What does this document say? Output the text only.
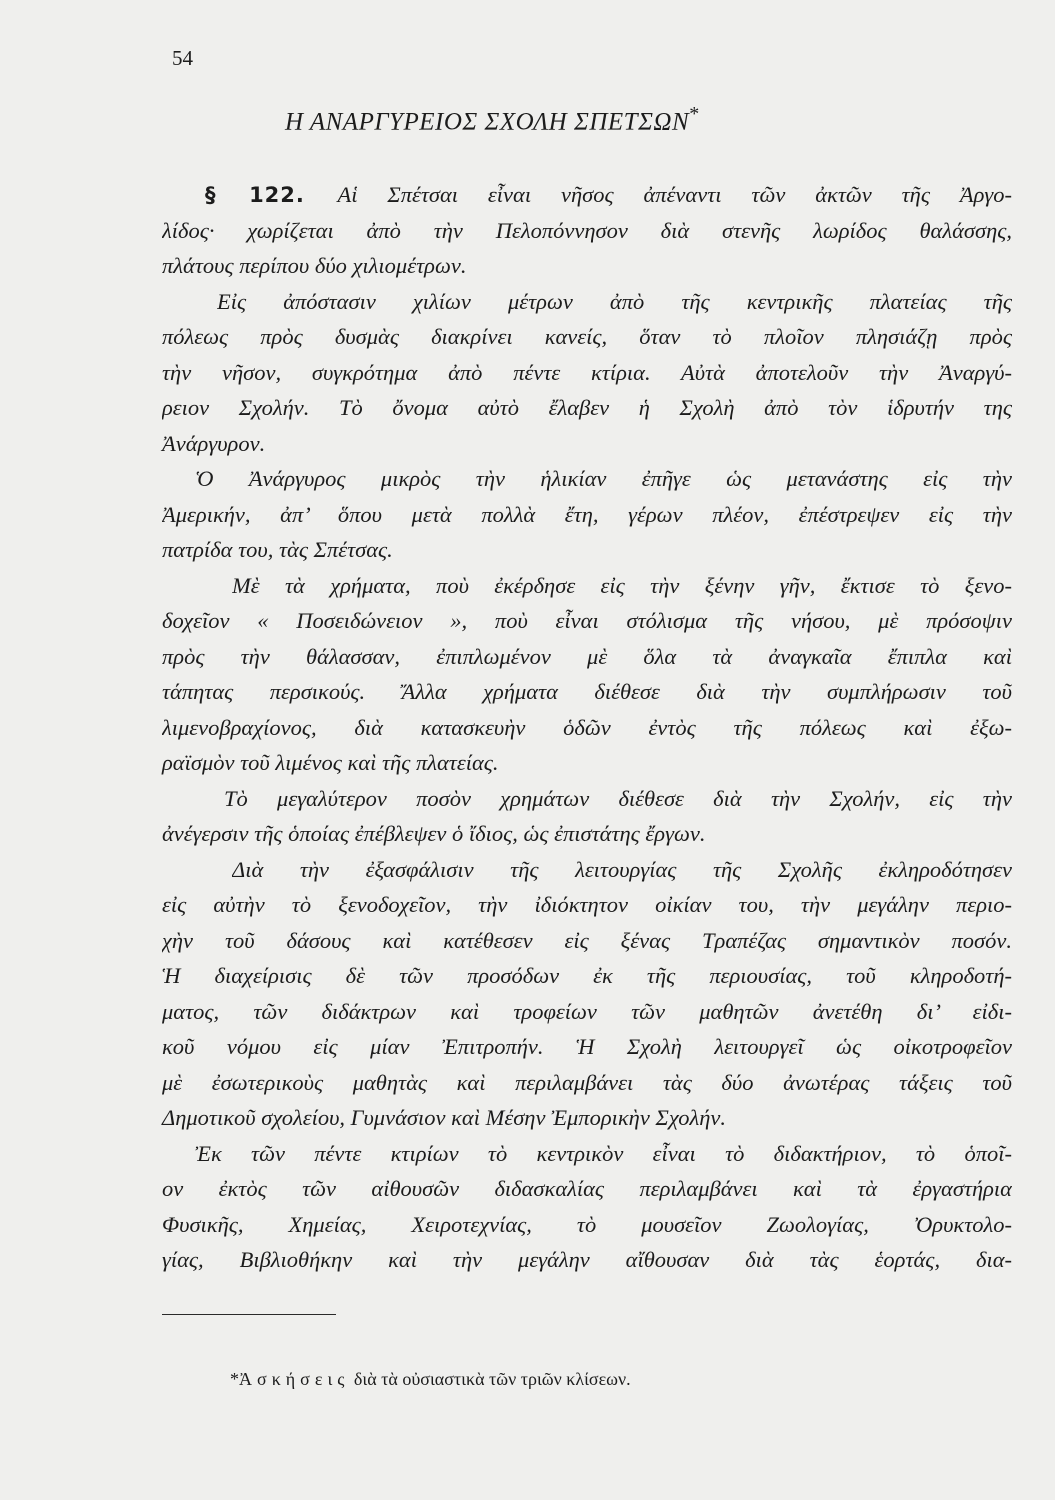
54
Η ΑΝΑΡΓΥΡΕΙΟΣ ΣΧΟΛΗ ΣΠΕΤΣΩΝ*
§ 122. Αἱ Σπέτσαι εἶναι νῆσος ἀπέναντι τῶν ἀκτῶν τῆς Ἀργο-
λίδος· χωρίζεται ἀπὸ τὴν Πελοπόννησον διὰ στενῆς λωρίδος θαλάσσης,
πλάτους περίπου δύο χιλιομέτρων.
Εἰς ἀπόστασιν χιλίων μέτρων ἀπὸ τῆς κεντρικῆς πλατείας τῆς
πόλεως πρὸς δυσμὰς διακρίνει κανείς, ὅταν τὸ πλοῖον πλησιάζῃ πρὸς
τὴν νῆσον, συγκρότημα ἀπὸ πέντε κτίρια. Αὐτὰ ἀποτελοῦν τὴν Ἀναργύ-
ρειον Σχολήν. Τὸ ὄνομα αὐτὸ ἔλαβεν ἡ Σχολὴ ἀπὸ τὸν ἱδρυτήν της
Ἀνάργυρον.
Ὁ Ἀνάργυρος μικρὸς τὴν ἡλικίαν ἐπῆγε ὡς μετανάστης εἰς τὴν
Ἀμερικήν, ἀπ’ ὅπου μετὰ πολλὰ ἔτη, γέρων πλέον, ἐπέστρεψεν εἰς τὴν
πατρίδα του, τὰς Σπέτσας.
Μὲ τὰ χρήματα, ποὺ ἐκέρδησε εἰς τὴν ξένην γῆν, ἔκτισε τὸ ξενο-
δοχεῖον « Ποσειδώνειον », ποὺ εἶναι στόλισμα τῆς νήσου, μὲ πρόσοψιν
πρὸς τὴν θάλασσαν, ἐπιπλωμένον μὲ ὅλα τὰ ἀναγκαῖα ἔπιπλα καὶ
τάπητας περσικούς. Ἄλλα χρήματα διέθεσε διὰ τὴν συμπλήρωσιν τοῦ
λιμενοβραχίονος, διὰ κατασκευὴν ὁδῶν ἐντὸς τῆς πόλεως καὶ ἐξω-
ραϊσμὸν τοῦ λιμένος καὶ τῆς πλατείας.
Τὸ μεγαλύτερον ποσὸν χρημάτων διέθεσε διὰ τὴν Σχολήν, εἰς τὴν
ἀνέγερσιν τῆς ὁποίας ἐπέβλεψεν ὁ ἴδιος, ὡς ἐπιστάτης ἔργων.
Διὰ τὴν ἐξασφάλισιν τῆς λειτουργίας τῆς Σχολῆς ἐκληροδότησεν
εἰς αὐτὴν τὸ ξενοδοχεῖον, τὴν ἰδιόκτητον οἰκίαν του, τὴν μεγάλην περιο-
χὴν τοῦ δάσους καὶ κατέθεσεν εἰς ξένας Τραπέζας σημαντικὸν ποσόν.
Ἡ διαχείρισις δὲ τῶν προσόδων ἐκ τῆς περιουσίας, τοῦ κληροδοτή-
ματος, τῶν διδάκτρων καὶ τροφείων τῶν μαθητῶν ἀνετέθη δι’ εἰδι-
κοῦ νόμου εἰς μίαν Ἐπιτροπήν. Ἡ Σχολὴ λειτουργεῖ ὡς οἰκοτροφεῖον
μὲ ἐσωτερικοὺς μαθητὰς καὶ περιλαμβάνει τὰς δύο ἀνωτέρας τάξεις τοῦ
Δημοτικοῦ σχολείου, Γυμνάσιον καὶ Μέσην Ἐμπορικὴν Σχολήν.
Ἐκ τῶν πέντε κτιρίων τὸ κεντρικὸν εἶναι τὸ διδακτήριον, τὸ ὁποῖ-
ον ἐκτὸς τῶν αἰθουσῶν διδασκαλίας περιλαμβάνει καὶ τὰ ἐργαστήρια
Φυσικῆς, Χημείας, Χειροτεχνίας, τὸ μουσεῖον Ζωολογίας, Ὀρυκτολο-
γίας, Βιβλιοθήκην καὶ τὴν μεγάλην αἴθουσαν διὰ τὰς ἑορτάς, δια-
*Ἀσκήσεις διὰ τὰ οὐσιαστικὰ τῶν τριῶν κλίσεων.
